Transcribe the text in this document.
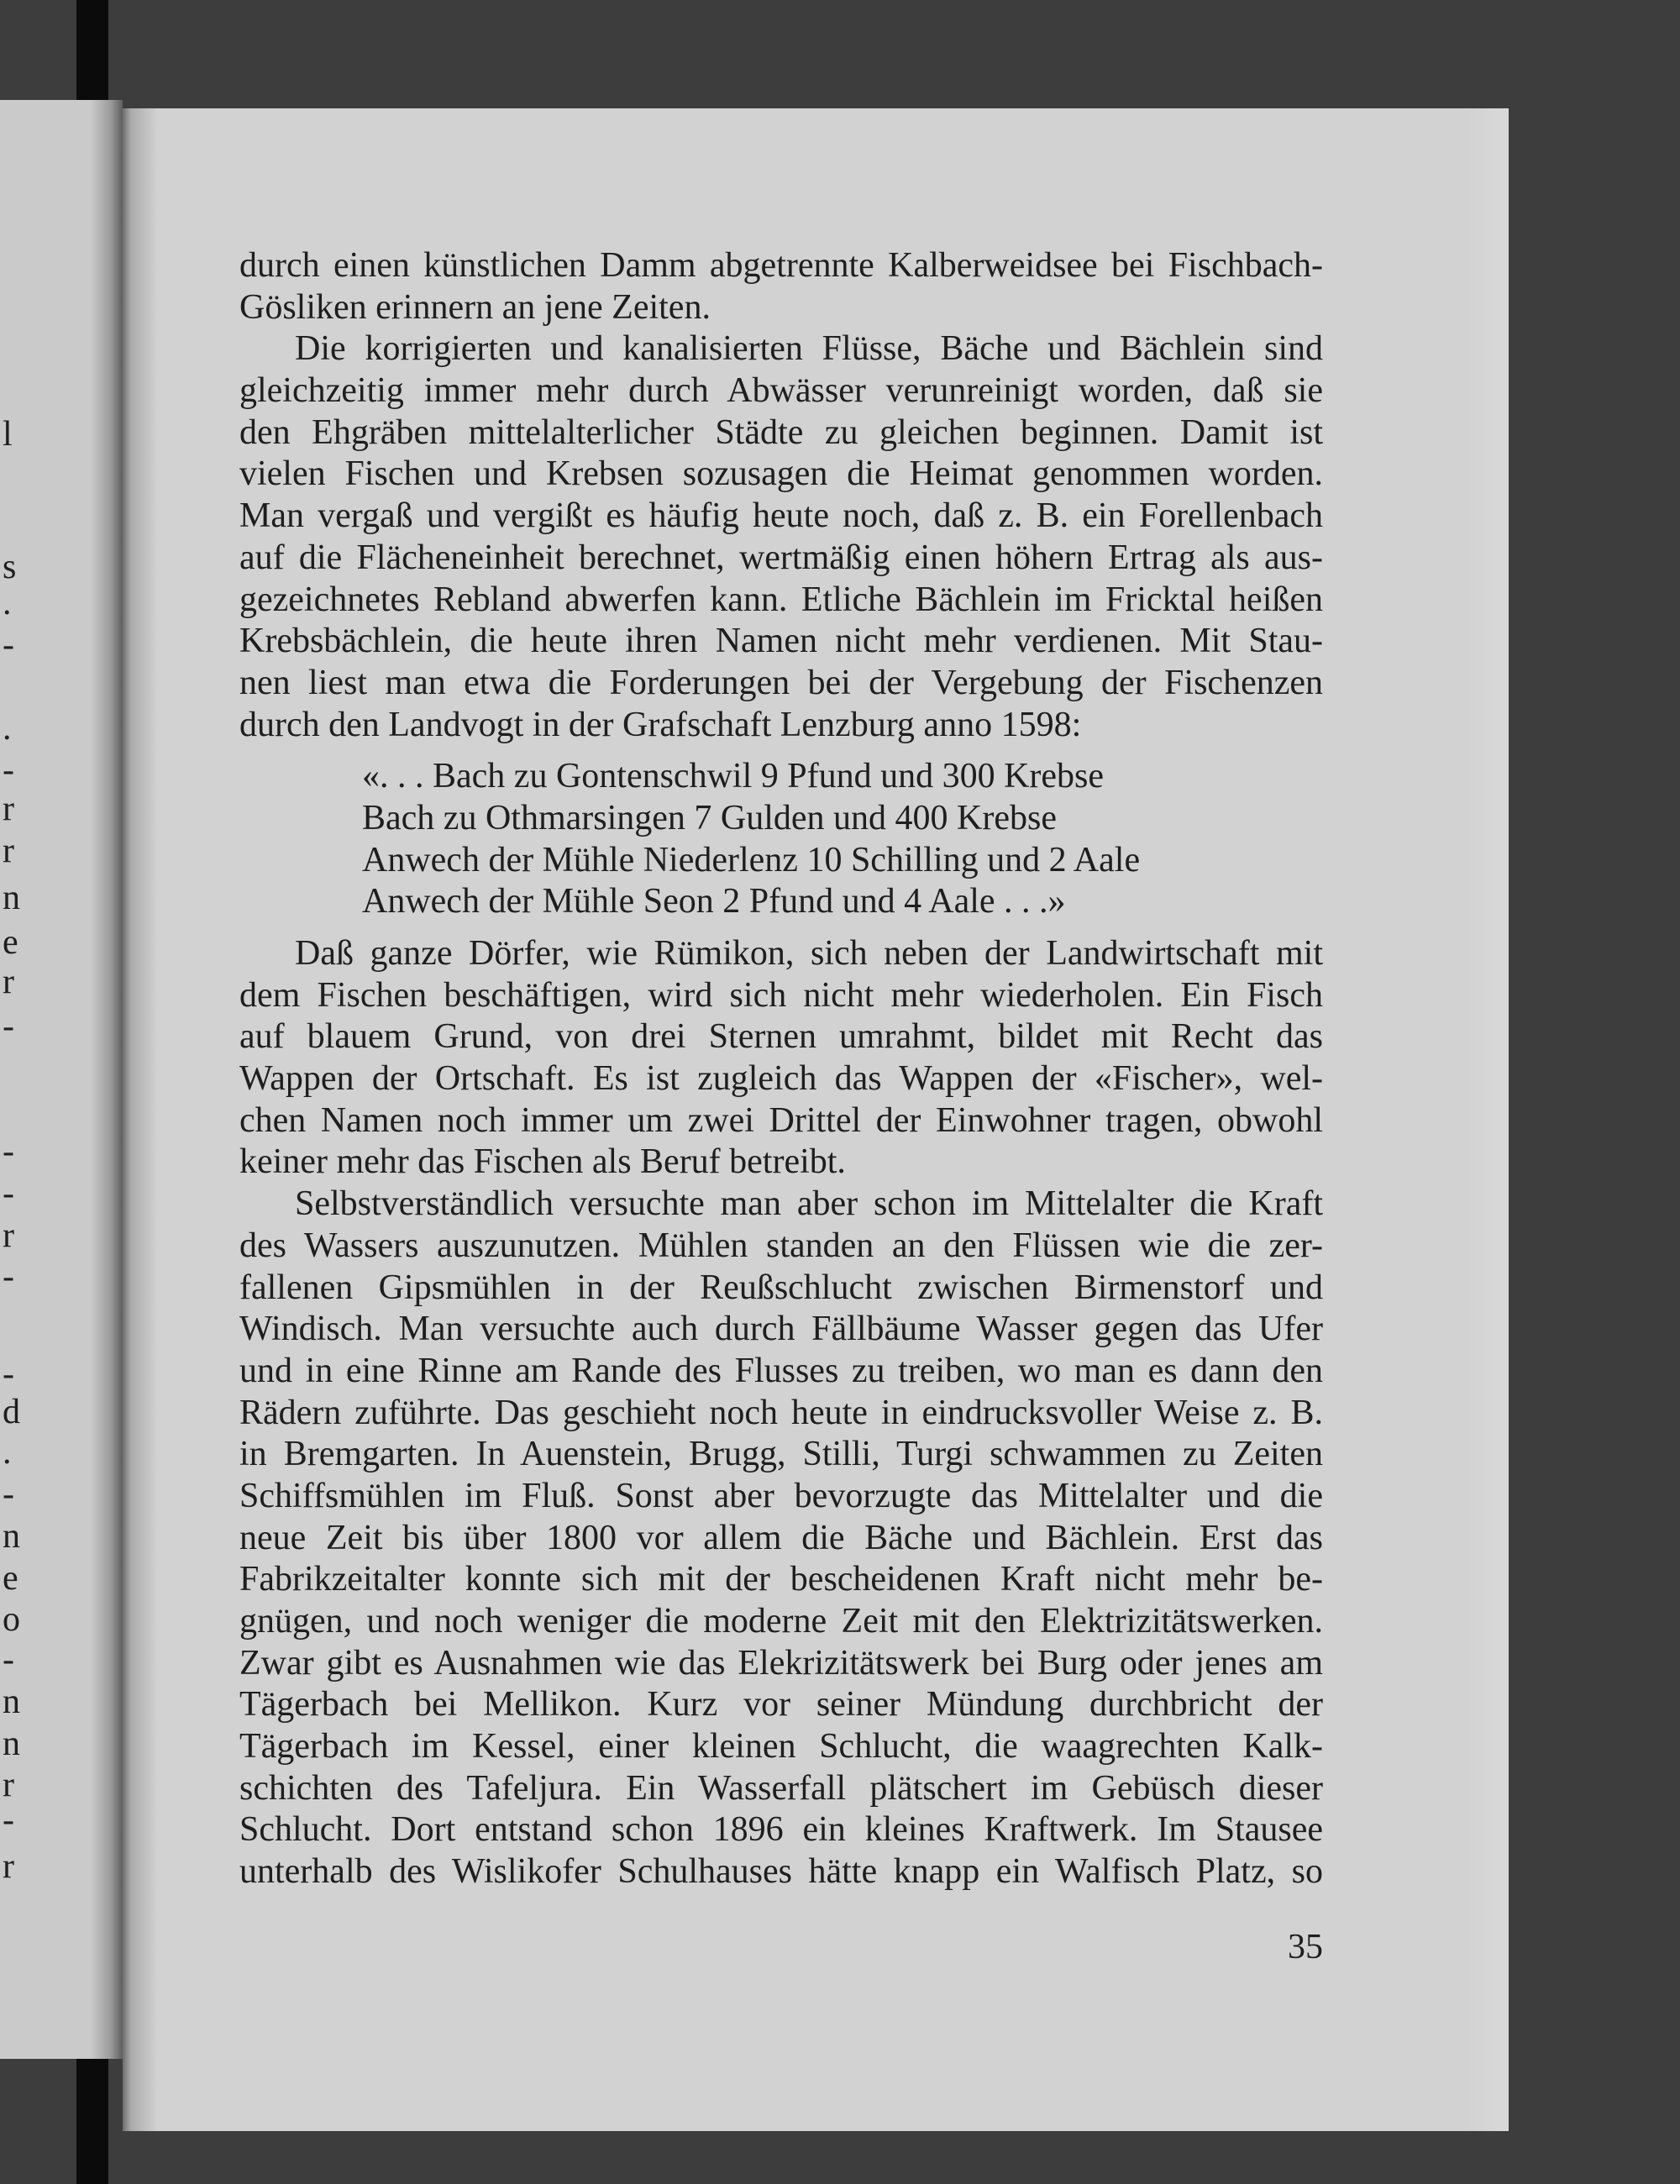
l
s
.
-
.
-
r
r
n
e
r
-
-
-
r
-
-
d
.
-
n
e
o
-
n
n
r
-
r
durch einen künstlichen Damm abgetrennte Kalberweidsee bei Fischbach-
Gösliken erinnern an jene Zeiten.
Die korrigierten und kanalisierten Flüsse, Bäche und Bächlein sind
gleichzeitig immer mehr durch Abwässer verunreinigt worden, daß sie
den Ehgräben mittelalterlicher Städte zu gleichen beginnen. Damit ist
vielen Fischen und Krebsen sozusagen die Heimat genommen worden.
Man vergaß und vergißt es häufig heute noch, daß z. B. ein Forellenbach
auf die Flächeneinheit berechnet, wertmäßig einen höhern Ertrag als aus-
gezeichnetes Rebland abwerfen kann. Etliche Bächlein im Fricktal heißen
Krebsbächlein, die heute ihren Namen nicht mehr verdienen. Mit Stau-
nen liest man etwa die Forderungen bei der Vergebung der Fischenzen
durch den Landvogt in der Grafschaft Lenzburg anno 1598:
«. . . Bach zu Gontenschwil 9 Pfund und 300 Krebse
Bach zu Othmarsingen 7 Gulden und 400 Krebse
Anwech der Mühle Niederlenz 10 Schilling und 2 Aale
Anwech der Mühle Seon 2 Pfund und 4 Aale . . .»
Daß ganze Dörfer, wie Rümikon, sich neben der Landwirtschaft mit
dem Fischen beschäftigen, wird sich nicht mehr wiederholen. Ein Fisch
auf blauem Grund, von drei Sternen umrahmt, bildet mit Recht das
Wappen der Ortschaft. Es ist zugleich das Wappen der «Fischer», wel-
chen Namen noch immer um zwei Drittel der Einwohner tragen, obwohl
keiner mehr das Fischen als Beruf betreibt.
Selbstverständlich versuchte man aber schon im Mittelalter die Kraft
des Wassers auszunutzen. Mühlen standen an den Flüssen wie die zer-
fallenen Gipsmühlen in der Reußschlucht zwischen Birmenstorf und
Windisch. Man versuchte auch durch Fällbäume Wasser gegen das Ufer
und in eine Rinne am Rande des Flusses zu treiben, wo man es dann den
Rädern zuführte. Das geschieht noch heute in eindrucksvoller Weise z. B.
in Bremgarten. In Auenstein, Brugg, Stilli, Turgi schwammen zu Zeiten
Schiffsmühlen im Fluß. Sonst aber bevorzugte das Mittelalter und die
neue Zeit bis über 1800 vor allem die Bäche und Bächlein. Erst das
Fabrikzeitalter konnte sich mit der bescheidenen Kraft nicht mehr be-
gnügen, und noch weniger die moderne Zeit mit den Elektrizitätswerken.
Zwar gibt es Ausnahmen wie das Elekrizitätswerk bei Burg oder jenes am
Tägerbach bei Mellikon. Kurz vor seiner Mündung durchbricht der
Tägerbach im Kessel, einer kleinen Schlucht, die waagrechten Kalk-
schichten des Tafeljura. Ein Wasserfall plätschert im Gebüsch dieser
Schlucht. Dort entstand schon 1896 ein kleines Kraftwerk. Im Stausee
unterhalb des Wislikofer Schulhauses hätte knapp ein Walfisch Platz, so
35
